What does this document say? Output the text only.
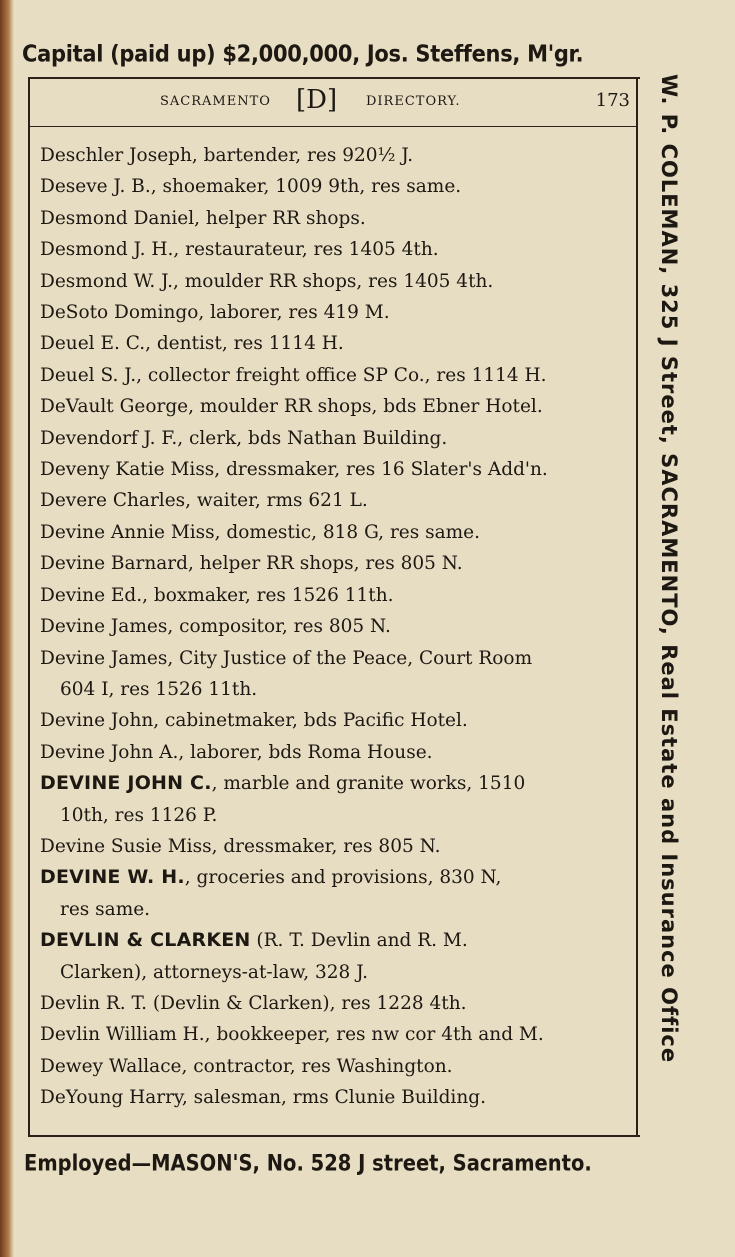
Capital (paid up) $2,000,000, Jos. Steffens, M'gr.
SACRAMENTO [D] DIRECTORY.	173
Deschler Joseph, bartender, res 920½ J.
Deseve J. B., shoemaker, 1009 9th, res same.
Desmond Daniel, helper RR shops.
Desmond J. H., restaurateur, res 1405 4th.
Desmond W. J., moulder RR shops, res 1405 4th.
DeSoto Domingo, laborer, res 419 M.
Deuel E. C., dentist, res 1114 H.
Deuel S. J., collector freight office SP Co., res 1114 H.
DeVault George, moulder RR shops, bds Ebner Hotel.
Devendorf J. F., clerk, bds Nathan Building.
Deveny Katie Miss, dressmaker, res 16 Slater's Add'n.
Devere Charles, waiter, rms 621 L.
Devine Annie Miss, domestic, 818 G, res same.
Devine Barnard, helper RR shops, res 805 N.
Devine Ed., boxmaker, res 1526 11th.
Devine James, compositor, res 805 N.
Devine James, City Justice of the Peace, Court Room
604 I, res 1526 11th.
Devine John, cabinetmaker, bds Pacific Hotel.
Devine John A., laborer, bds Roma House.
DEVINE JOHN C., marble and granite works, 1510
10th, res 1126 P.
Devine Susie Miss, dressmaker, res 805 N.
DEVINE W. H., groceries and provisions, 830 N,
res same.
DEVLIN & CLARKEN (R. T. Devlin and R. M.
Clarken), attorneys-at-law, 328 J.
Devlin R. T. (Devlin & Clarken), res 1228 4th.
Devlin William H., bookkeeper, res nw cor 4th and M.
Dewey Wallace, contractor, res Washington.
DeYoung Harry, salesman, rms Clunie Building.
W. P. COLEMAN, 325 J Street, SACRAMENTO, Real Estate and Insurance Office
Employed—MASON'S, No. 528 J street, Sacramento.
